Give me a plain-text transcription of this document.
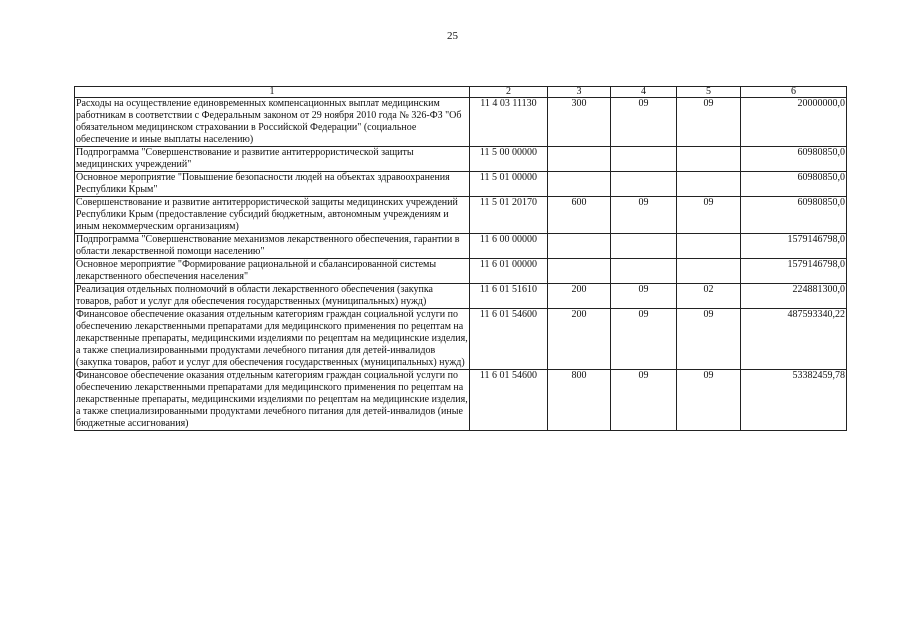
25
1	2	3	4	5	6
Расходы на осуществление единовременных компенсационных выплат медицинским работникам в соответствии с Федеральным законом от 29 ноября 2010 года № 326-ФЗ "Об обязательном медицинском страховании в Российской Федерации" (социальное обеспечение и иные выплаты населению)	11 4 03 11130	300	09	09	20000000,0
Подпрограмма "Совершенствование и развитие антитеррористической защиты медицинских учреждений"	11 5 00 00000				60980850,0
Основное мероприятие "Повышение безопасности людей на объектах здравоохранения Республики Крым"	11 5 01 00000				60980850,0
Совершенствование и развитие антитеррористической защиты медицинских учреждений Республики Крым (предоставление субсидий бюджетным, автономным учреждениям и иным некоммерческим организациям)	11 5 01 20170	600	09	09	60980850,0
Подпрограмма "Совершенствование механизмов лекарственного обеспечения, гарантии в области лекарственной помощи населению"	11 6 00 00000				1579146798,0
Основное мероприятие "Формирование рациональной и сбалансированной системы лекарственного обеспечения населения"	11 6 01 00000				1579146798,0
Реализация отдельных полномочий в области лекарственного обеспечения (закупка товаров, работ и услуг для обеспечения государственных (муниципальных) нужд)	11 6 01 51610	200	09	02	224881300,0
Финансовое обеспечение оказания отдельным категориям граждан социальной услуги по обеспечению лекарственными препаратами для медицинского применения по рецептам на лекарственные препараты, медицинскими изделиями по рецептам на медицинские изделия, а также специализированными продуктами лечебного питания для детей-инвалидов (закупка товаров, работ и услуг для обеспечения государственных (муниципальных) нужд)	11 6 01 54600	200	09	09	487593340,22
Финансовое обеспечение оказания отдельным категориям граждан социальной услуги по обеспечению лекарственными препаратами для медицинского применения по рецептам на лекарственные препараты, медицинскими изделиями по рецептам на медицинские изделия, а также специализированными продуктами лечебного питания для детей-инвалидов (иные бюджетные ассигнования)	11 6 01 54600	800	09	09	53382459,78
